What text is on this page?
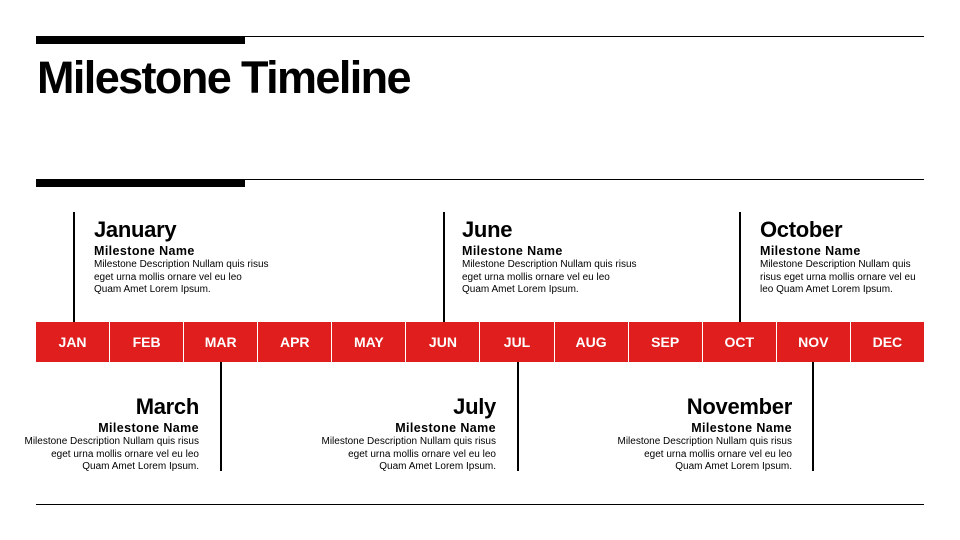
Milestone Timeline
JAN	FEB	MAR	APR	MAY	JUN	JUL	AUG	SEP	OCT	NOV	DEC
January
Milestone Name
Milestone Description Nullam quis risus eget urna mollis ornare vel eu leo Quam Amet Lorem Ipsum.
June
Milestone Name
Milestone Description Nullam quis risus eget urna mollis ornare vel eu leo Quam Amet Lorem Ipsum.
October
Milestone Name
Milestone Description Nullam quis risus eget urna mollis ornare vel eu leo Quam Amet Lorem Ipsum.
March
Milestone Name
Milestone Description Nullam quis risus eget urna mollis ornare vel eu leo Quam Amet Lorem Ipsum.
July
Milestone Name
Milestone Description Nullam quis risus eget urna mollis ornare vel eu leo Quam Amet Lorem Ipsum.
November
Milestone Name
Milestone Description Nullam quis risus eget urna mollis ornare vel eu leo Quam Amet Lorem Ipsum.
